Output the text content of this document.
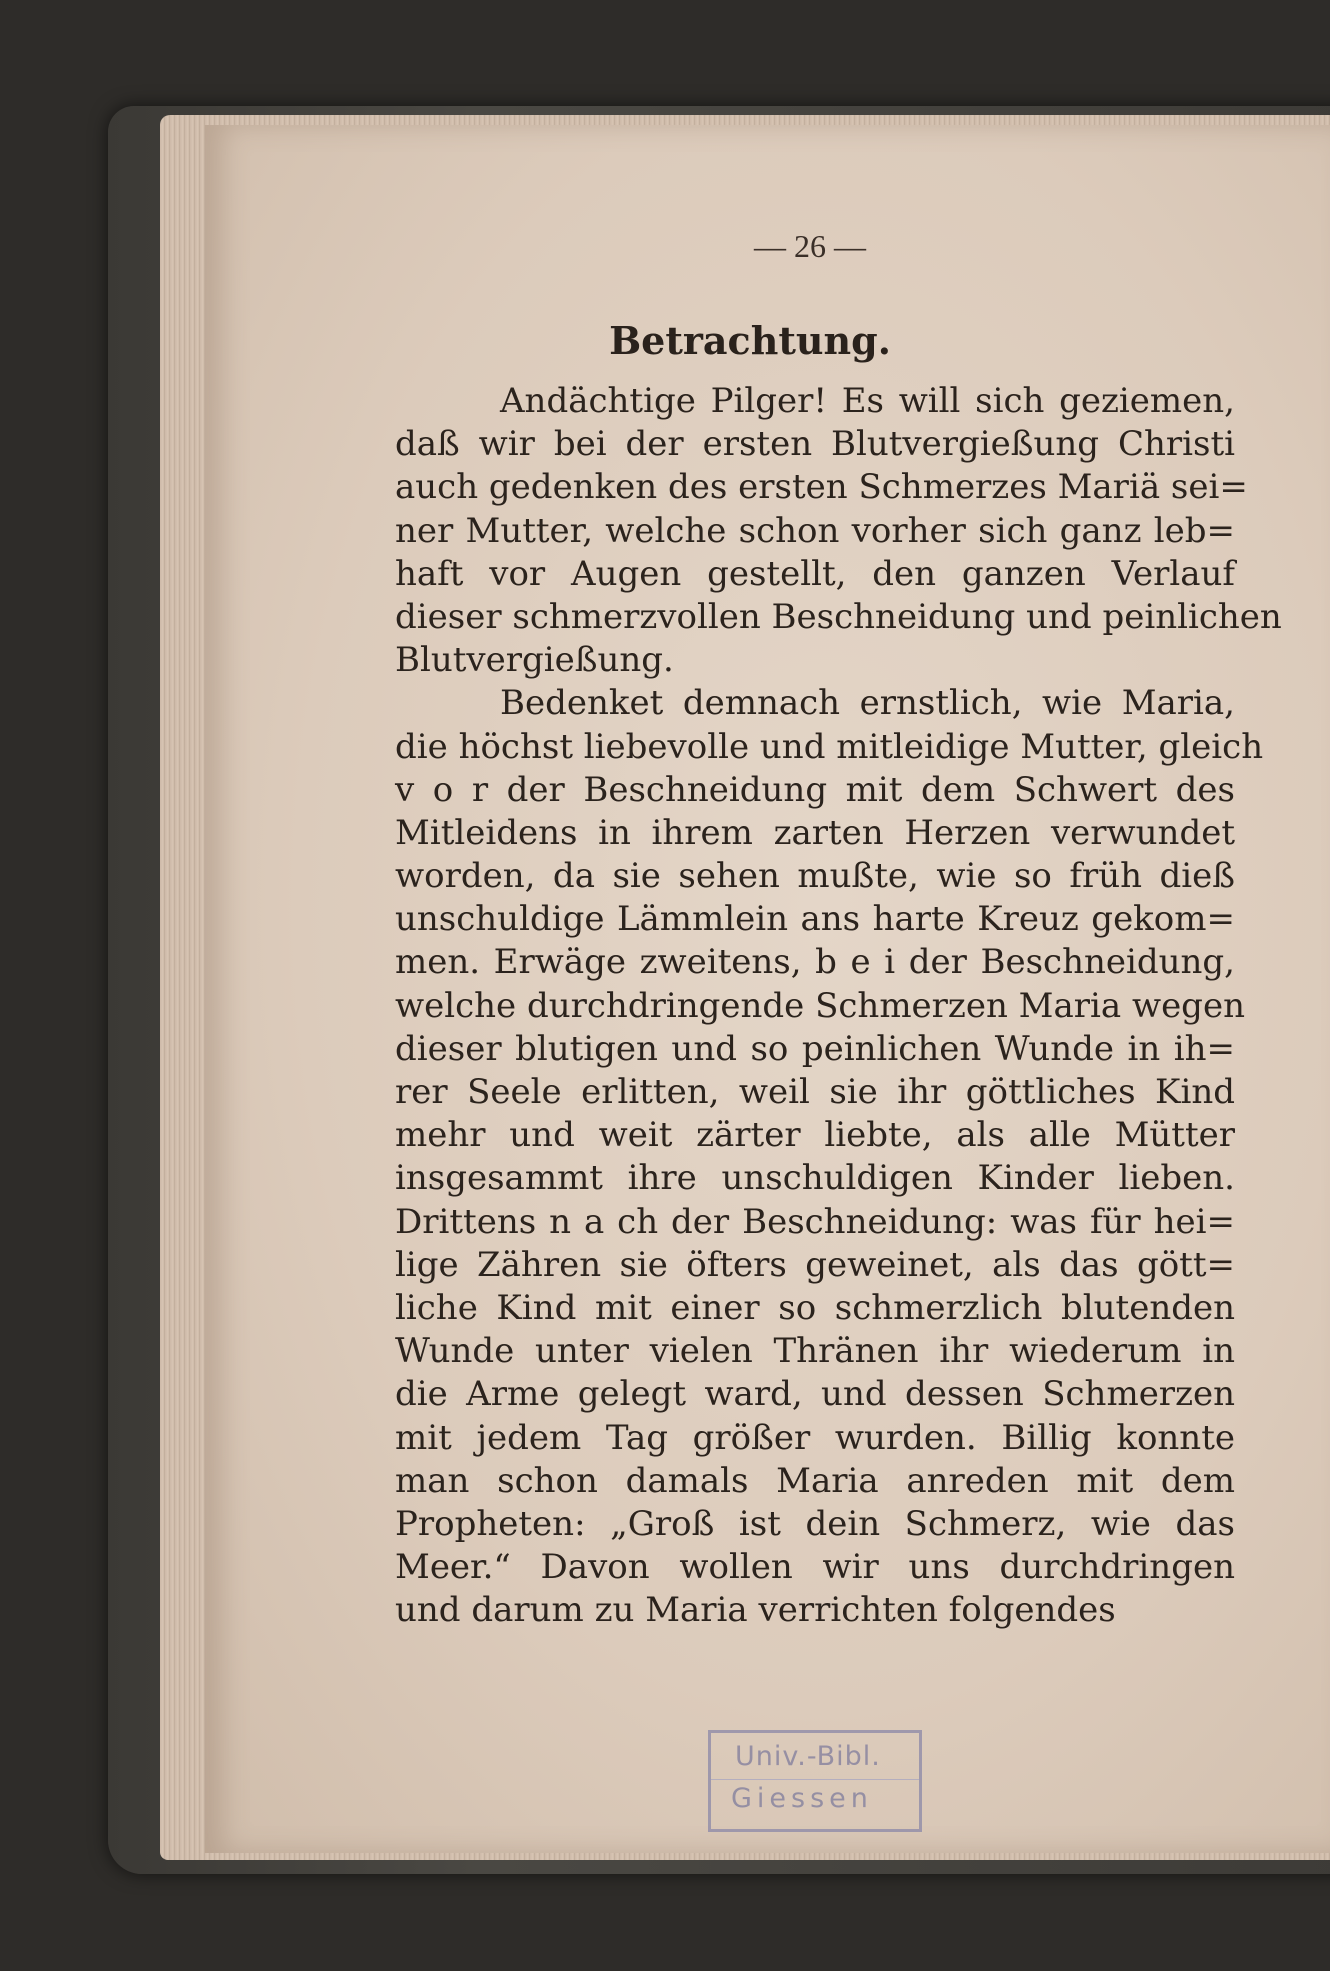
— 26 —
Betrachtung.
Andächtige Pilger! Es will sich geziemen,
daß wir bei der ersten Blutvergießung Christi
auch gedenken des ersten Schmerzes Mariä sei=
ner Mutter, welche schon vorher sich ganz leb=
haft vor Augen gestellt, den ganzen Verlauf
dieser schmerzvollen Beschneidung und peinlichen
Blutvergießung.
Bedenket demnach ernstlich, wie Maria,
die höchst liebevolle und mitleidige Mutter, gleich
v o r der Beschneidung mit dem Schwert des
Mitleidens in ihrem zarten Herzen verwundet
worden, da sie sehen mußte, wie so früh dieß
unschuldige Lämmlein ans harte Kreuz gekom=
men. Erwäge zweitens, b e i der Beschneidung,
welche durchdringende Schmerzen Maria wegen
dieser blutigen und so peinlichen Wunde in ih=
rer Seele erlitten, weil sie ihr göttliches Kind
mehr und weit zärter liebte, als alle Mütter
insgesammt ihre unschuldigen Kinder lieben.
Drittens n a ch der Beschneidung: was für hei=
lige Zähren sie öfters geweinet, als das gött=
liche Kind mit einer so schmerzlich blutenden
Wunde unter vielen Thränen ihr wiederum in
die Arme gelegt ward, und dessen Schmerzen
mit jedem Tag größer wurden. Billig konnte
man schon damals Maria anreden mit dem
Propheten: „Groß ist dein Schmerz, wie das
Meer.“ Davon wollen wir uns durchdringen
und darum zu Maria verrichten folgendes
Univ.-Bibl.
Giessen
